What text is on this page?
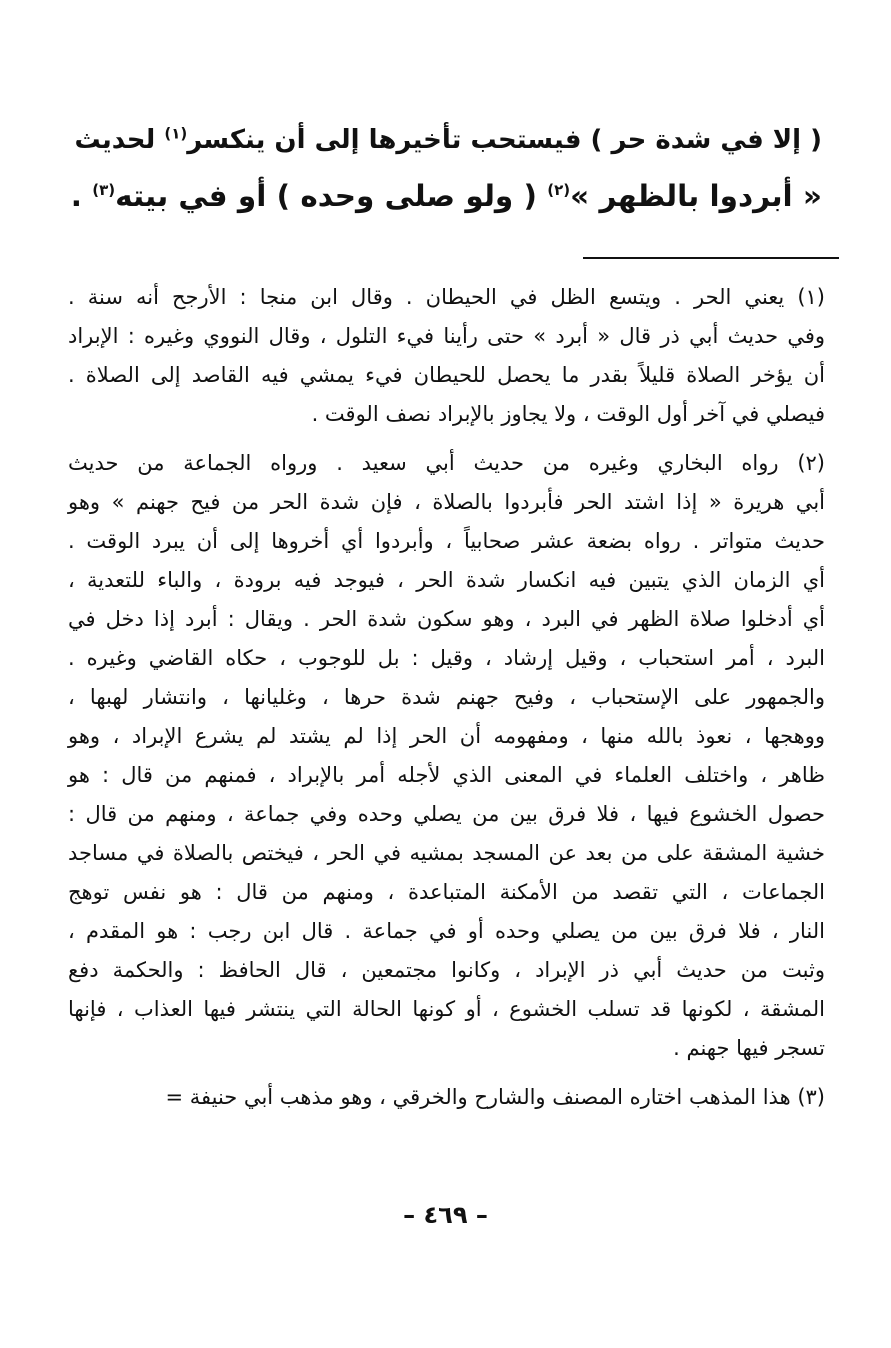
( إلا في شدة حر ) فيستحب تأخيرها إلى أن ينكسر$^{(١)}$ لحديث
« أبردوا بالظهر »$^{(٢)}$ ( ولو صلى وحده ) أو في بيته$^{(٣)}$ .
(١) يعني الحر . ويتسع الظل في الحيطان . وقال ابن منجا : الأرجح أنه سنة .
وفي حديث أبي ذر قال « أبرد » حتى رأينا فيء التلول ، وقال النووي وغيره : الإبراد
أن يؤخر الصلاة قليلاً بقدر ما يحصل للحيطان فيء يمشي فيه القاصد إلى الصلاة .
فيصلي في آخر أول الوقت ، ولا يجاوز بالإبراد نصف الوقت .
(٢) رواه البخاري وغيره من حديث أبي سعيد . ورواه الجماعة من حديث
أبي هريرة « إذا اشتد الحر فأبردوا بالصلاة ، فإن شدة الحر من فيح جهنم » وهو
حديث متواتر . رواه بضعة عشر صحابياً ، وأبردوا أي أخروها إلى أن يبرد الوقت .
أي الزمان الذي يتبين فيه انكسار شدة الحر ، فيوجد فيه برودة ، والباء للتعدية ،
أي أدخلوا صلاة الظهر في البرد ، وهو سكون شدة الحر . ويقال : أبرد إذا دخل في
البرد ، أمر استحباب ، وقيل إرشاد ، وقيل : بل للوجوب ، حكاه القاضي وغيره .
والجمهور على الإستحباب ، وفيح جهنم شدة حرها ، وغليانها ، وانتشار لهبها ،
ووهجها ، نعوذ بالله منها ، ومفهومه أن الحر إذا لم يشتد لم يشرع الإبراد ، وهو
ظاهر ، واختلف العلماء في المعنى الذي لأجله أمر بالإبراد ، فمنهم من قال : هو
حصول الخشوع فيها ، فلا فرق بين من يصلي وحده وفي جماعة ، ومنهم من قال :
خشية المشقة على من بعد عن المسجد بمشيه في الحر ، فيختص بالصلاة في مساجد
الجماعات ، التي تقصد من الأمكنة المتباعدة ، ومنهم من قال : هو نفس توهج
النار ، فلا فرق بين من يصلي وحده أو في جماعة . قال ابن رجب : هو المقدم ،
وثبت من حديث أبي ذر الإبراد ، وكانوا مجتمعين ، قال الحافظ : والحكمة دفع
المشقة ، لكونها قد تسلب الخشوع ، أو كونها الحالة التي ينتشر فيها العذاب ، فإنها
تسجر فيها جهنم .
(٣) هذا المذهب اختاره المصنف والشارح والخرقي ، وهو مذهب أبي حنيفة =
– ٤٦٩ –
